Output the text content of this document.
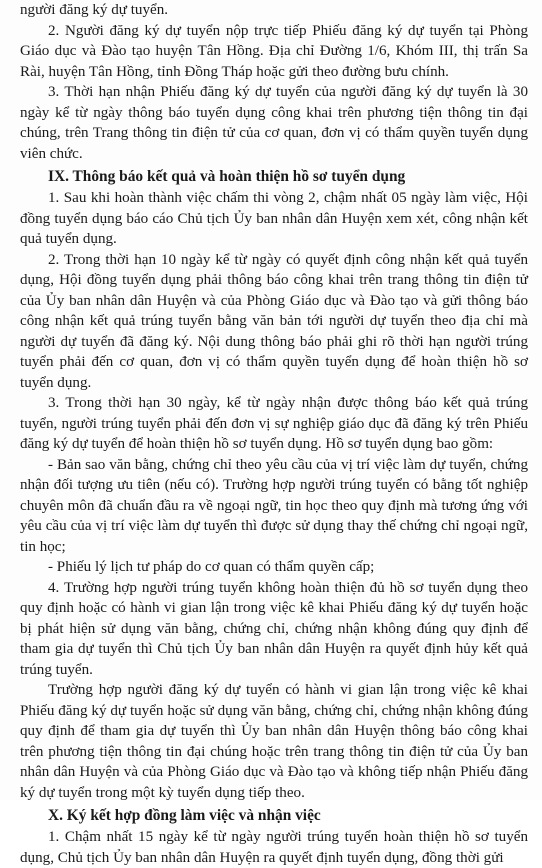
người đăng ký dự tuyển.

2. Người đăng ký dự tuyển nộp trực tiếp Phiếu đăng ký dự tuyển tại Phòng Giáo dục và Đào tạo huyện Tân Hồng. Địa chỉ Đường 1/6, Khóm III, thị trấn Sa Rài, huyện Tân Hồng, tỉnh Đồng Tháp hoặc gửi theo đường bưu chính.

3. Thời hạn nhận Phiếu đăng ký dự tuyển của người đăng ký dự tuyển là 30 ngày kể từ ngày thông báo tuyển dụng công khai trên phương tiện thông tin đại chúng, trên Trang thông tin điện tử của cơ quan, đơn vị có thẩm quyền tuyển dụng viên chức.

IX. Thông báo kết quả và hoàn thiện hồ sơ tuyển dụng

1. Sau khi hoàn thành việc chấm thi vòng 2, chậm nhất 05 ngày làm việc, Hội đồng tuyển dụng báo cáo Chủ tịch Ủy ban nhân dân Huyện xem xét, công nhận kết quả tuyển dụng.

2. Trong thời hạn 10 ngày kể từ ngày có quyết định công nhận kết quả tuyển dụng, Hội đồng tuyển dụng phải thông báo công khai trên trang thông tin điện tử của Ủy ban nhân dân Huyện và của Phòng Giáo dục và Đào tạo và gửi thông báo công nhận kết quả trúng tuyển bằng văn bản tới người dự tuyển theo địa chỉ mà người dự tuyển đã đăng ký. Nội dung thông báo phải ghi rõ thời hạn người trúng tuyển phải đến cơ quan, đơn vị có thẩm quyền tuyển dụng để hoàn thiện hồ sơ tuyển dụng.

3. Trong thời hạn 30 ngày, kể từ ngày nhận được thông báo kết quả trúng tuyển, người trúng tuyển phải đến đơn vị sự nghiệp giáo dục đã đăng ký trên Phiếu đăng ký dự tuyển để hoàn thiện hồ sơ tuyển dụng. Hồ sơ tuyển dụng bao gồm:

- Bản sao văn bằng, chứng chỉ theo yêu cầu của vị trí việc làm dự tuyển, chứng nhận đối tượng ưu tiên (nếu có). Trường hợp người trúng tuyển có bằng tốt nghiệp chuyên môn đã chuẩn đầu ra về ngoại ngữ, tin học theo quy định mà tương ứng với yêu cầu của vị trí việc làm dự tuyển thì được sử dụng thay thế chứng chỉ ngoại ngữ, tin học;

- Phiếu lý lịch tư pháp do cơ quan có thẩm quyền cấp;

4. Trường hợp người trúng tuyển không hoàn thiện đủ hồ sơ tuyển dụng theo quy định hoặc có hành vi gian lận trong việc kê khai Phiếu đăng ký dự tuyển hoặc bị phát hiện sử dụng văn bằng, chứng chỉ, chứng nhận không đúng quy định để tham gia dự tuyển thì Chủ tịch Ủy ban nhân dân Huyện ra quyết định hủy kết quả trúng tuyển.

Trường hợp người đăng ký dự tuyển có hành vi gian lận trong việc kê khai Phiếu đăng ký dự tuyển hoặc sử dụng văn bằng, chứng chỉ, chứng nhận không đúng quy định để tham gia dự tuyển thì Ủy ban nhân dân Huyện thông báo công khai trên phương tiện thông tin đại chúng hoặc trên trang thông tin điện tử của Ủy ban nhân dân Huyện và của Phòng Giáo dục và Đào tạo và không tiếp nhận Phiếu đăng ký dự tuyển trong một kỳ tuyển dụng tiếp theo.

X. Ký kết hợp đồng làm việc và nhận việc

1. Chậm nhất 15 ngày kể từ ngày người trúng tuyển hoàn thiện hồ sơ tuyển dụng, Chủ tịch Ủy ban nhân dân Huyện ra quyết định tuyển dụng, đồng thời gửi
